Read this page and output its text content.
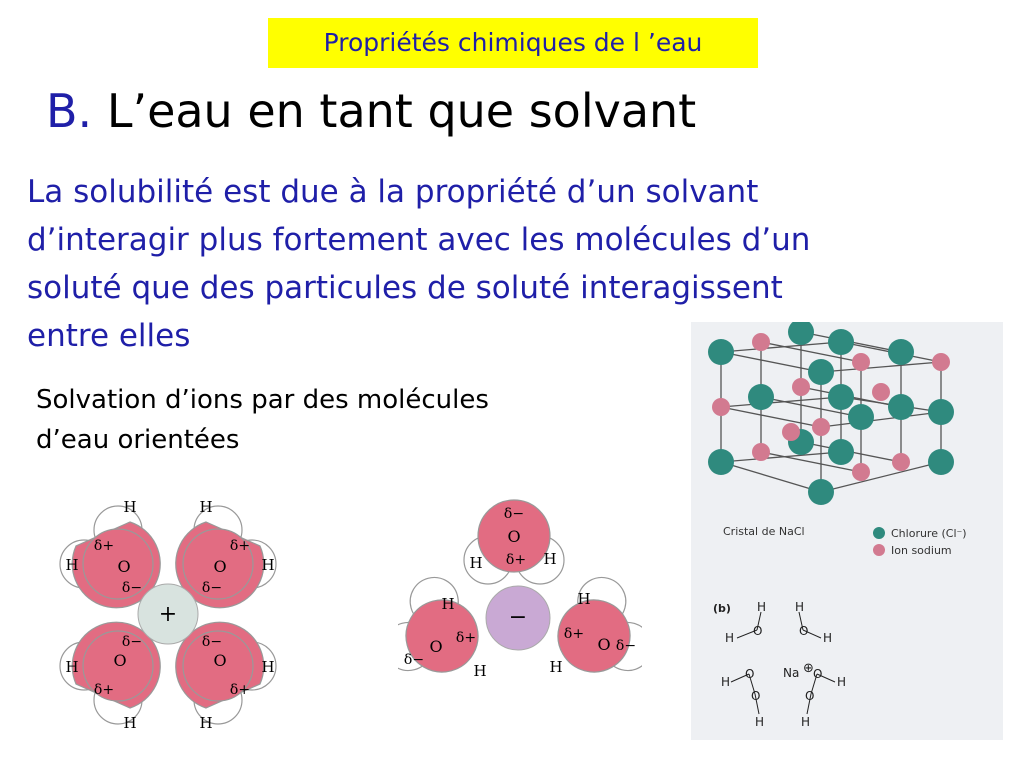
Propriétés chimiques de l ’eau
B. L’eau en tant que solvant
La solubilité est due à la propriété d’un solvant
d’interagir plus fortement avec les molécules d’un
soluté que des particules de soluté interagissent
entre elles
Solvation d’ions par des molécules
d’eau orientées
H
H
δ+
O
δ−
H
H
δ+
O
δ−
H
H
δ+
O
δ−
H
H
δ+
O
δ−
+
δ−
O
δ+
H	H
H
δ+
O
δ−
H
H
δ+
O δ−
H
−
Cristal de NaCl	Chlorure (Cl⁻)
Ion sodium
(b)
Na ⊕
H H
O	O
H	H
H
O	O
H
O	O
H	H
